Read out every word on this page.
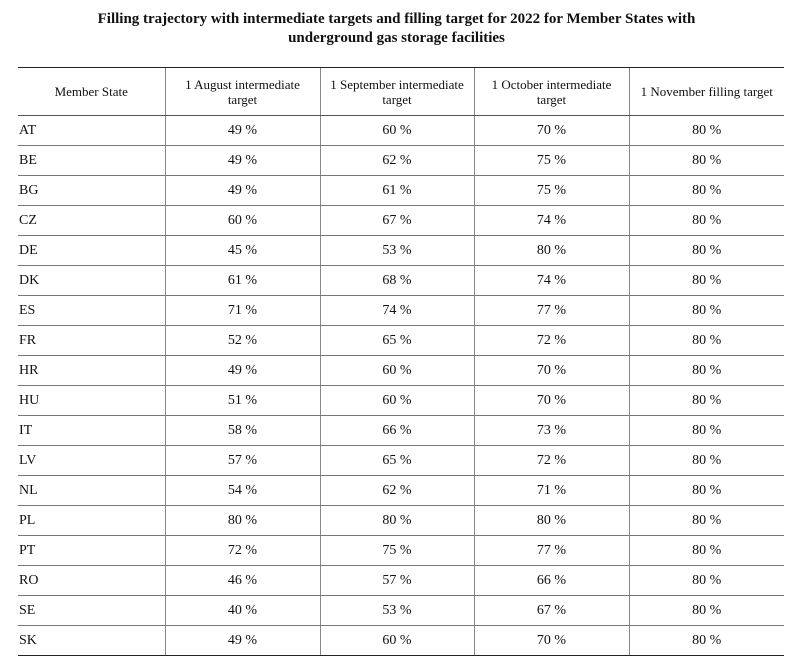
Filling trajectory with intermediate targets and filling target for 2022 for Member States with
underground gas storage facilities
Member State	1 August intermediate target	1 September intermediate target	1 October intermediate target	1 November filling target
AT	49 %	60 %	70 %	80 %
BE	49 %	62 %	75 %	80 %
BG	49 %	61 %	75 %	80 %
CZ	60 %	67 %	74 %	80 %
DE	45 %	53 %	80 %	80 %
DK	61 %	68 %	74 %	80 %
ES	71 %	74 %	77 %	80 %
FR	52 %	65 %	72 %	80 %
HR	49 %	60 %	70 %	80 %
HU	51 %	60 %	70 %	80 %
IT	58 %	66 %	73 %	80 %
LV	57 %	65 %	72 %	80 %
NL	54 %	62 %	71 %	80 %
PL	80 %	80 %	80 %	80 %
PT	72 %	75 %	77 %	80 %
RO	46 %	57 %	66 %	80 %
SE	40 %	53 %	67 %	80 %
SK	49 %	60 %	70 %	80 %
